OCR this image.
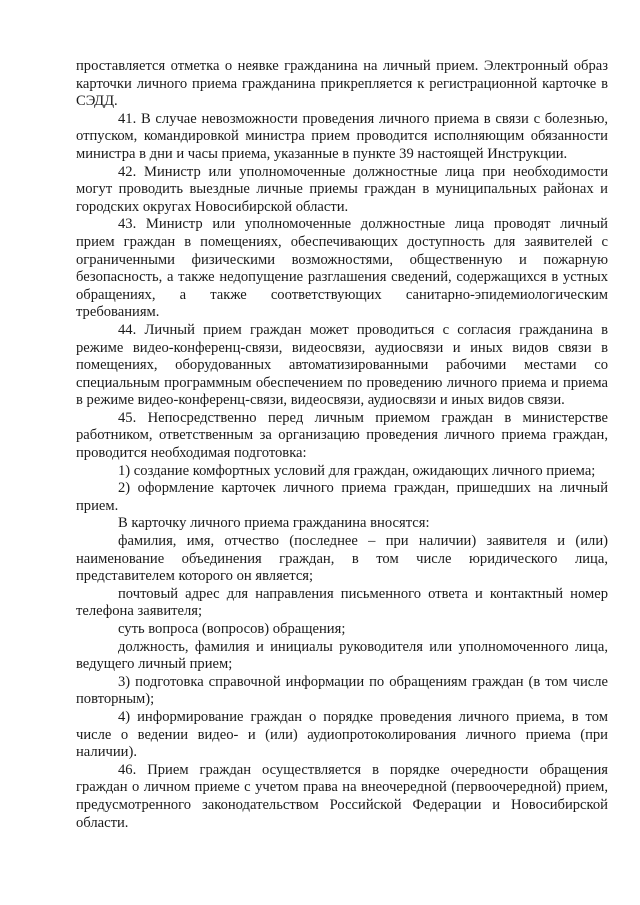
проставляется отметка о неявке гражданина на личный прием. Электронный образ карточки личного приема гражданина прикрепляется к регистрационной карточке в СЭДД.

41. В случае невозможности проведения личного приема в связи с болезнью, отпуском, командировкой министра прием проводится исполняющим обязанности министра в дни и часы приема, указанные в пункте 39 настоящей Инструкции.

42. Министр или уполномоченные должностные лица при необходимости могут проводить выездные личные приемы граждан в муниципальных районах и городских округах Новосибирской области.

43. Министр или уполномоченные должностные лица проводят личный прием граждан в помещениях, обеспечивающих доступность для заявителей с ограниченными физическими возможностями, общественную и пожарную безопасность, а также недопущение разглашения сведений, содержащихся в устных обращениях, а также соответствующих санитарно-эпидемиологическим требованиям.

44. Личный прием граждан может проводиться с согласия гражданина в режиме видео-конференц-связи, видеосвязи, аудиосвязи и иных видов связи в помещениях, оборудованных автоматизированными рабочими местами со специальным программным обеспечением по проведению личного приема и приема в режиме видео-конференц-связи, видеосвязи, аудиосвязи и иных видов связи.

45. Непосредственно перед личным приемом граждан в министерстве работником, ответственным за организацию проведения личного приема граждан, проводится необходимая подготовка:

1) создание комфортных условий для граждан, ожидающих личного приема;

2) оформление карточек личного приема граждан, пришедших на личный прием.

В карточку личного приема гражданина вносятся:

фамилия, имя, отчество (последнее – при наличии) заявителя и (или) наименование объединения граждан, в том числе юридического лица, представителем которого он является;

почтовый адрес для направления письменного ответа и контактный номер телефона заявителя;

суть вопроса (вопросов) обращения;

должность, фамилия и инициалы руководителя или уполномоченного лица, ведущего личный прием;

3) подготовка справочной информации по обращениям граждан (в том числе повторным);

4) информирование граждан о порядке проведения личного приема, в том числе о ведении видео- и (или) аудиопротоколирования личного приема (при наличии).

46. Прием граждан осуществляется в порядке очередности обращения граждан о личном приеме с учетом права на внеочередной (первоочередной) прием, предусмотренного законодательством Российской Федерации и Новосибирской области.
